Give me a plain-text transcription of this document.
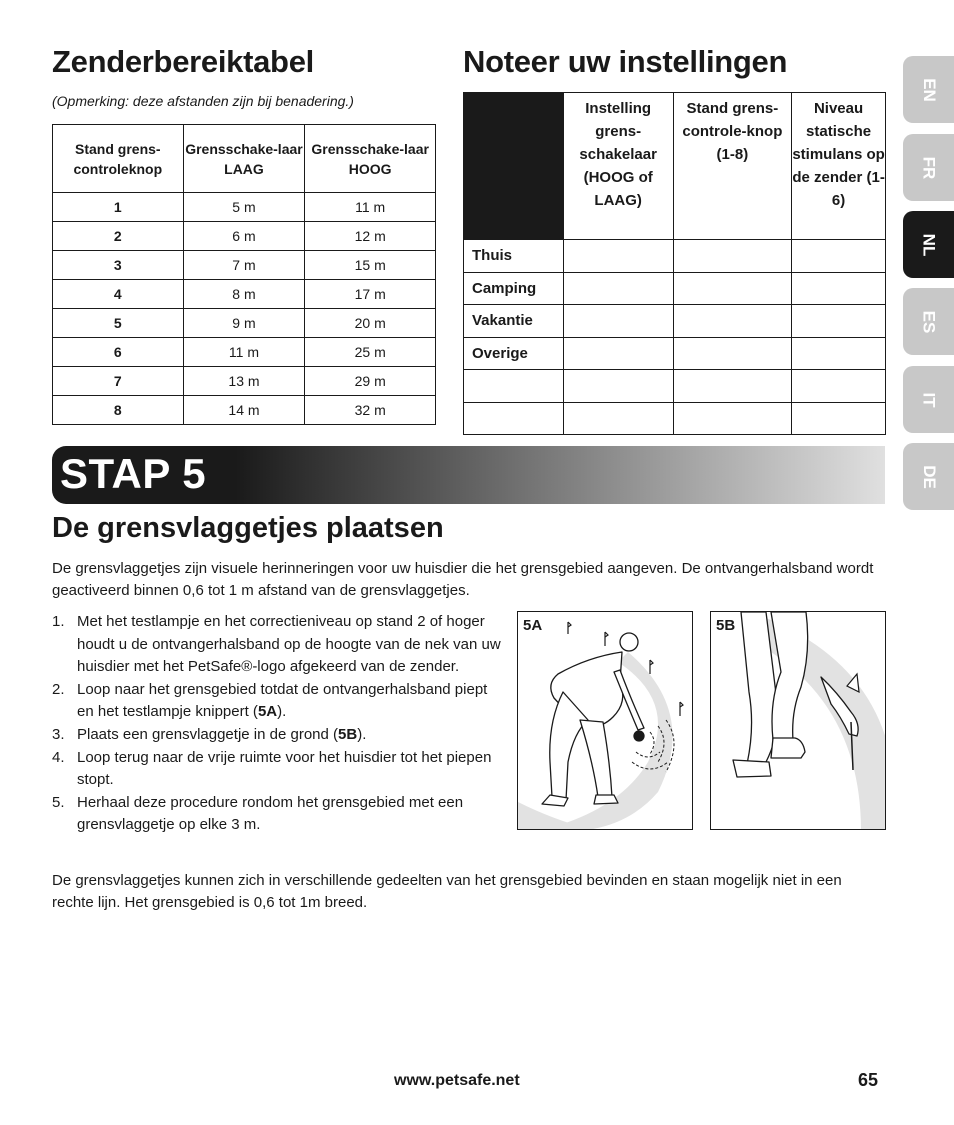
Zenderbereiktabel
(Opmerking: deze afstanden zijn bij benadering.)
Noteer uw instellingen
Stand grens-controleknop	Grensschake-laar LAAG	Grensschake-laar HOOG
1	5 m	11 m
2	6 m	12 m
3	7 m	15 m
4	8 m	17 m
5	9 m	20 m
6	11 m	25 m
7	13 m	29 m
8	14 m	32 m
	Instelling grens-schakelaar (HOOG of LAAG)	Stand grens-controle-knop (1-8)	Niveau statische stimulans op de zender (1-6)
Thuis			
Camping			
Vakantie			
Overige			

EN
FR
NL
ES
IT
DE
STAP 5
De grensvlaggetjes plaatsen
De grensvlaggetjes zijn visuele herinneringen voor uw huisdier die het grensgebied aangeven. De ontvangerhalsband wordt geactiveerd binnen 0,6 tot 1 m afstand van de grensvlaggetjes.
1. Met het testlampje en het correctieniveau op stand 2 of hoger houdt u de ontvangerhalsband op de hoogte van de nek van uw huisdier met het PetSafe®-logo afgekeerd van de zender.
2. Loop naar het grensgebied totdat de ontvangerhalsband piept en het testlampje knippert (5A).
3. Plaats een grensvlaggetje in de grond (5B).
4. Loop terug naar de vrije ruimte voor het huisdier tot het piepen stopt.
5. Herhaal deze procedure rondom het grensgebied met een grensvlaggetje op elke 3 m.
5A	5B
De grensvlaggetjes kunnen zich in verschillende gedeelten van het grensgebied bevinden en staan mogelijk niet in een rechte lijn. Het grensgebied is 0,6 tot 1m breed.
www.petsafe.net	65
